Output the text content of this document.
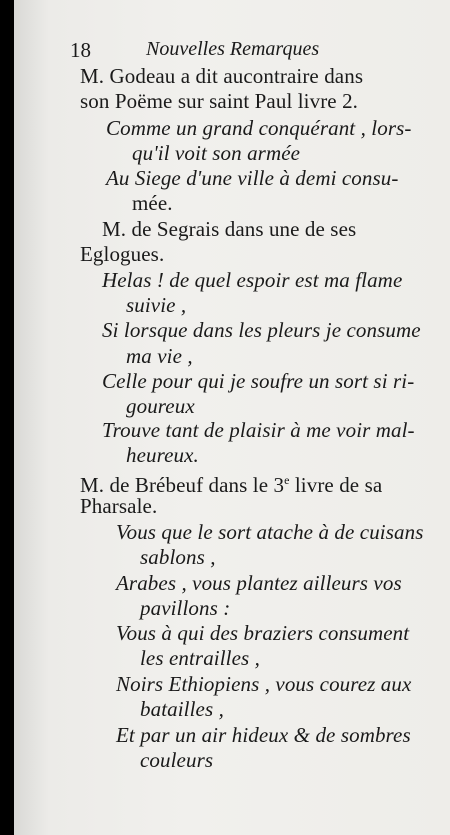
18	Nouvelles Remarques
M. Godeau a dit aucontraire dans
son Poëme sur saint Paul livre 2.
Comme un grand conquérant , lors-
qu'il voit son armée
Au Siege d'une ville à demi consu-
mée.
M. de Segrais dans une de ses
Eglogues.
Helas ! de quel espoir est ma flame
suivie ,
Si lorsque dans les pleurs je consume
ma vie ,
Celle pour qui je soufre un sort si ri-
goureux
Trouve tant de plaisir à me voir mal-
heureux.
M. de Brébeuf dans le 3e livre de sa
Pharsale.
Vous que le sort atache à de cuisans
sablons ,
Arabes , vous plantez ailleurs vos
pavillons :
Vous à qui des braziers consument
les entrailles ,
Noirs Ethiopiens , vous courez aux
batailles ,
Et par un air hideux & de sombres
couleurs
